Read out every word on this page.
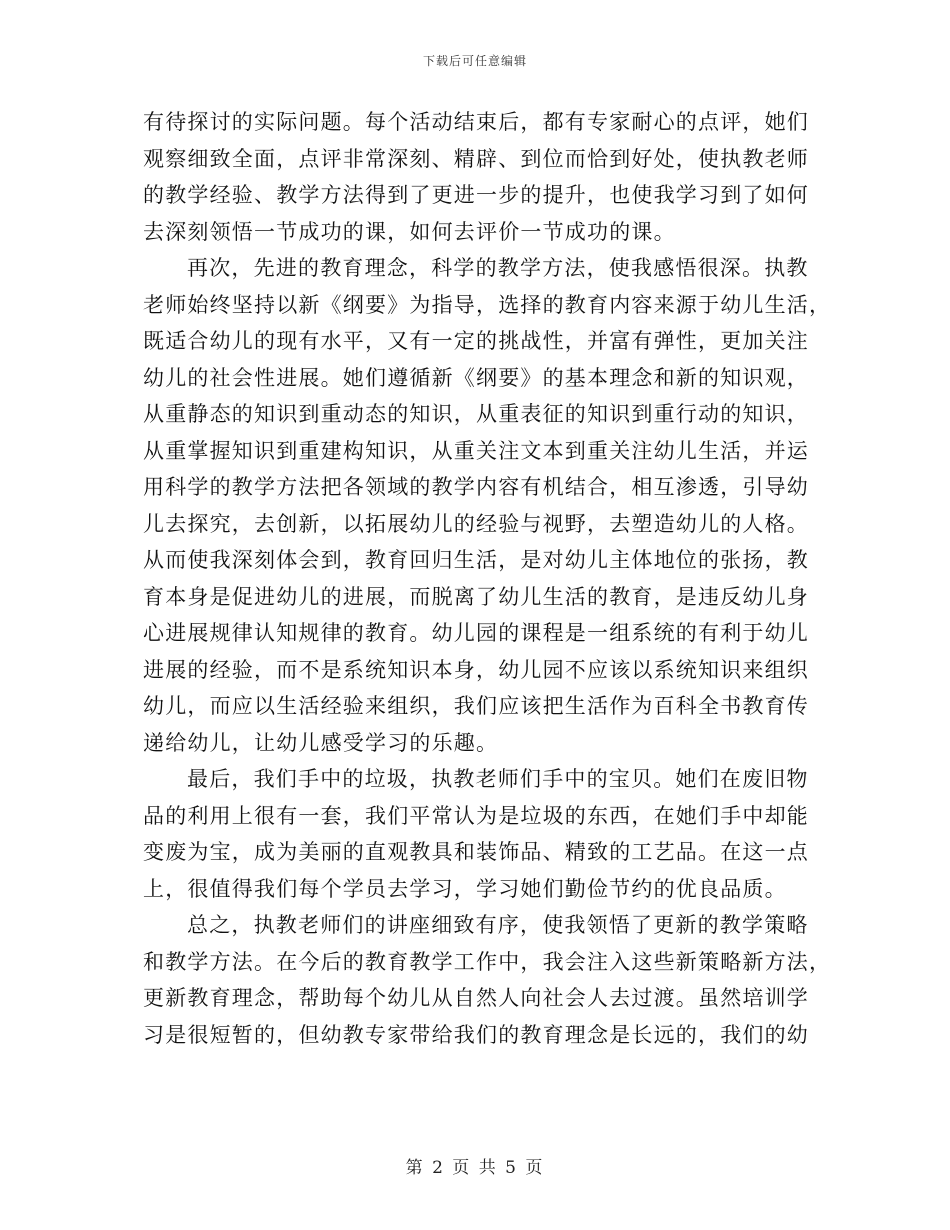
下载后可任意编辑
有待探讨的实际问题。每个活动结束后，都有专家耐心的点评，她们
观察细致全面，点评非常深刻、精辟、到位而恰到好处，使执教老师
的教学经验、教学方法得到了更进一步的提升，也使我学习到了如何
去深刻领悟一节成功的课，如何去评价一节成功的课。
再次，先进的教育理念，科学的教学方法，使我感悟很深。执教
老师始终坚持以新《纲要》为指导，选择的教育内容来源于幼儿生活，
既适合幼儿的现有水平，又有一定的挑战性，并富有弹性，更加关注
幼儿的社会性进展。她们遵循新《纲要》的基本理念和新的知识观，
从重静态的知识到重动态的知识，从重表征的知识到重行动的知识，
从重掌握知识到重建构知识，从重关注文本到重关注幼儿生活，并运
用科学的教学方法把各领域的教学内容有机结合，相互渗透，引导幼
儿去探究，去创新，以拓展幼儿的经验与视野，去塑造幼儿的人格。
从而使我深刻体会到，教育回归生活，是对幼儿主体地位的张扬，教
育本身是促进幼儿的进展，而脱离了幼儿生活的教育，是违反幼儿身
心进展规律认知规律的教育。幼儿园的课程是一组系统的有利于幼儿
进展的经验，而不是系统知识本身，幼儿园不应该以系统知识来组织
幼儿，而应以生活经验来组织，我们应该把生活作为百科全书教育传
递给幼儿，让幼儿感受学习的乐趣。
最后，我们手中的垃圾，执教老师们手中的宝贝。她们在废旧物
品的利用上很有一套，我们平常认为是垃圾的东西，在她们手中却能
变废为宝，成为美丽的直观教具和装饰品、精致的工艺品。在这一点
上，很值得我们每个学员去学习，学习她们勤俭节约的优良品质。
总之，执教老师们的讲座细致有序，使我领悟了更新的教学策略
和教学方法。在今后的教育教学工作中，我会注入这些新策略新方法，
更新教育理念，帮助每个幼儿从自然人向社会人去过渡。虽然培训学
习是很短暂的，但幼教专家带给我们的教育理念是长远的，我们的幼
第 2 页 共 5 页
